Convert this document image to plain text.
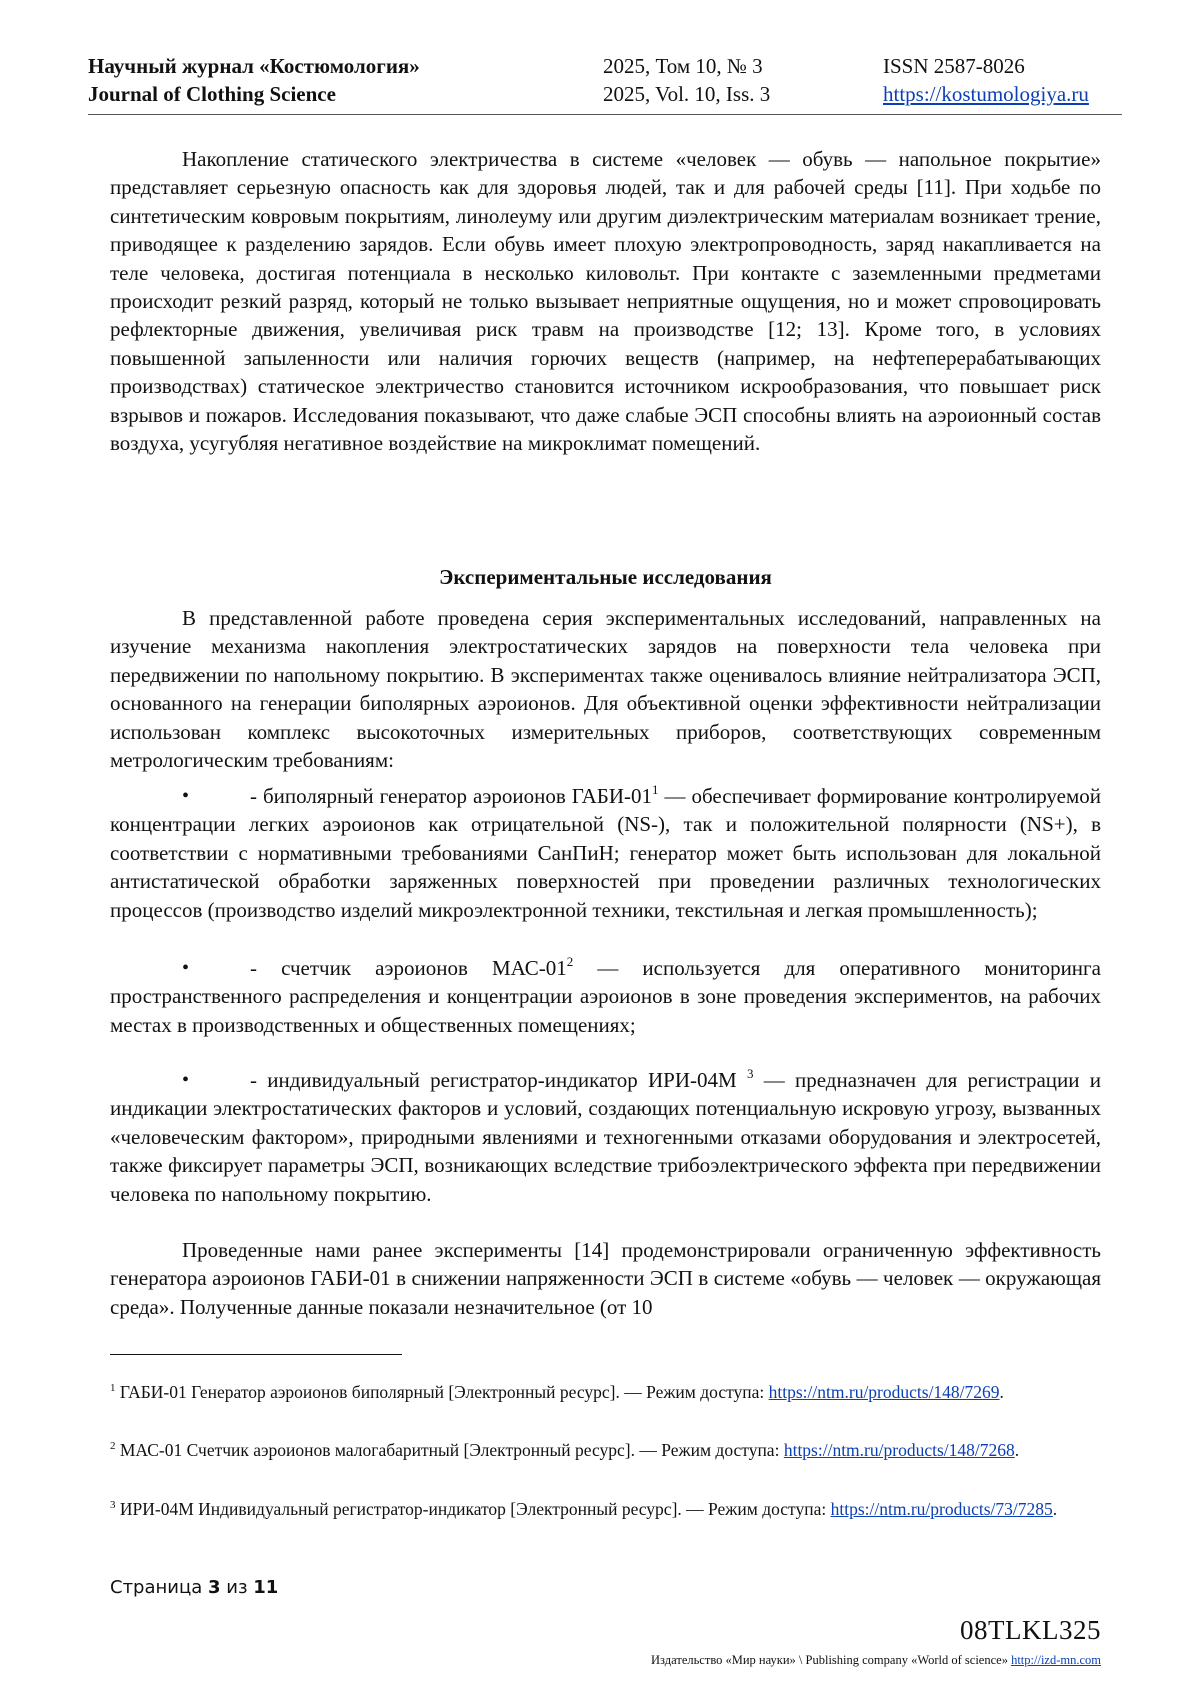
Научный журнал «Костюмология»
Journal of Clothing Science
2025, Том 10, № 3
2025, Vol. 10, Iss. 3
ISSN 2587-8026
https://kostumologiya.ru

Накопление статического электричества в системе «человек — обувь — напольное покрытие» представляет серьезную опасность как для здоровья людей, так и для рабочей среды [11]. При ходьбе по синтетическим ковровым покрытиям, линолеуму или другим диэлектрическим материалам возникает трение, приводящее к разделению зарядов. Если обувь имеет плохую электропроводность, заряд накапливается на теле человека, достигая потенциала в несколько киловольт. При контакте с заземленными предметами происходит резкий разряд, который не только вызывает неприятные ощущения, но и может спровоцировать рефлекторные движения, увеличивая риск травм на производстве [12; 13]. Кроме того, в условиях повышенной запыленности или наличия горючих веществ (например, на нефтеперерабатывающих производствах) статическое электричество становится источником искрообразования, что повышает риск взрывов и пожаров. Исследования показывают, что даже слабые ЭСП способны влиять на аэроионный состав воздуха, усугубляя негативное воздействие на микроклимат помещений.

Экспериментальные исследования

В представленной работе проведена серия экспериментальных исследований, направленных на изучение механизма накопления электростатических зарядов на поверхности тела человека при передвижении по напольному покрытию. В экспериментах также оценивалось влияние нейтрализатора ЭСП, основанного на генерации биполярных аэроионов. Для объективной оценки эффективности нейтрализации использован комплекс высокоточных измерительных приборов, соответствующих современным метрологическим требованиям:

•	- биполярный генератор аэроионов ГАБИ-$01^1$ — обеспечивает формирование контролируемой концентрации легких аэроионов как отрицательной (NS-), так и положительной полярности (NS+), в соответствии с нормативными требованиями СанПиН; генератор может быть использован для локальной антистатической обработки заряженных поверхностей при проведении различных технологических процессов (производство изделий микроэлектронной техники, текстильная и легкая промышленность);

•	- счетчик аэроионов МАС-$01^2$ — используется для оперативного мониторинга пространственного распределения и концентрации аэроионов в зоне проведения экспериментов, на рабочих местах в производственных и общественных помещениях;

•	- индивидуальный регистратор-индикатор ИРИ-04М $^3$ — предназначен для регистрации и индикации электростатических факторов и условий, создающих потенциальную искровую угрозу, вызванных «человеческим фактором», природными явлениями и техногенными отказами оборудования и электросетей, также фиксирует параметры ЭСП, возникающих вследствие трибоэлектрического эффекта при передвижении человека по напольному покрытию.

Проведенные нами ранее эксперименты [14] продемонстрировали ограниченную эффективность генератора аэроионов ГАБИ-01 в снижении напряженности ЭСП в системе «обувь — человек — окружающая среда». Полученные данные показали незначительное (от 10

$^1$ ГАБИ-01 Генератор аэроионов биполярный [Электронный ресурс]. — Режим доступа: https://ntm.ru/products/148/7269.
$^2$ МАС-01 Счетчик аэроионов малогабаритный [Электронный ресурс]. — Режим доступа: https://ntm.ru/products/148/7268.
$^3$ ИРИ-04М Индивидуальный регистратор-индикатор [Электронный ресурс]. — Режим доступа: https://ntm.ru/products/73/7285.
Страница 3 из 11
08TLKL325
Издательство «Мир науки» \ Publishing company «World of science» http://izd-mn.com
